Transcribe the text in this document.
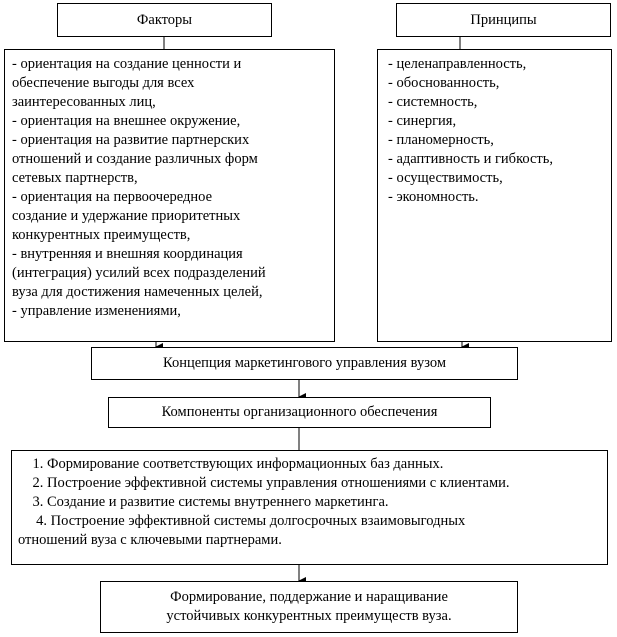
Факторы	Принципы
- ориентация на создание ценности и
обеспечение выгоды для всех
заинтересованных лиц,
- ориентация на внешнее окружение,
- ориентация на развитие партнерских
отношений и создание различных форм
сетевых партнерств,
- ориентация на первоочередное
создание и удержание приоритетных
конкурентных преимуществ,
- внутренняя и внешняя координация
(интеграция) усилий всех подразделений
вуза для достижения намеченных целей,
- управление изменениями,
- целенаправленность,
- обоснованность,
- системность,
- синергия,
- планомерность,
- адаптивность и гибкость,
- осуществимость,
- экономность.
Концепция маркетингового управления вузом
Компоненты организационного обеспечения
1. Формирование соответствующих информационных баз данных.
2. Построение эффективной системы управления отношениями с клиентами.
3. Создание и развитие системы внутреннего маркетинга.
4. Построение эффективной системы долгосрочных взаимовыгодных
отношений вуза с ключевыми партнерами.
Формирование, поддержание и наращивание
устойчивых конкурентных преимуществ вуза.
